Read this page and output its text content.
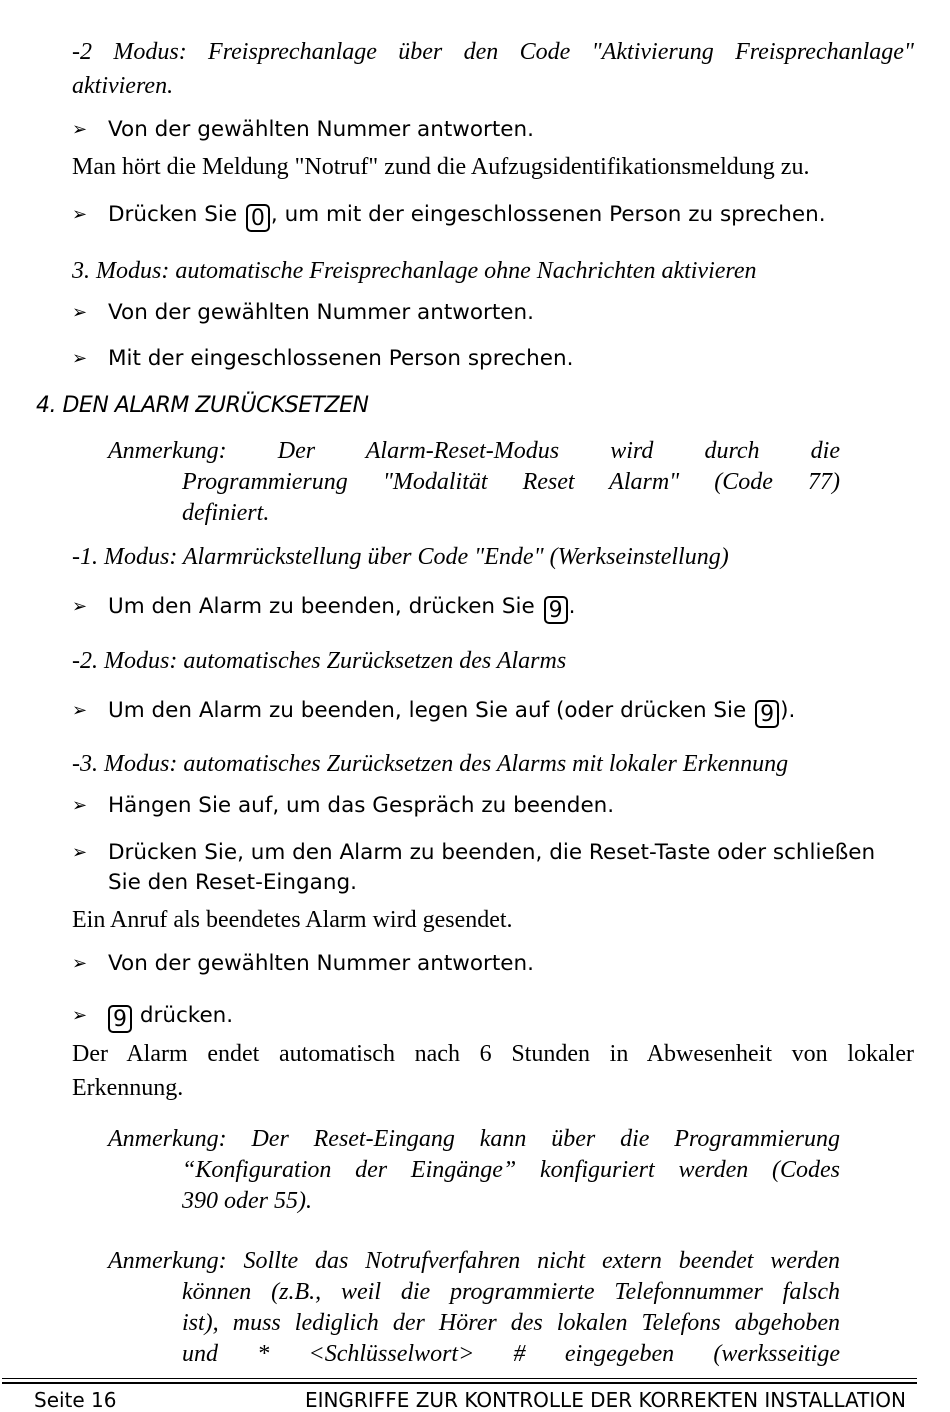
-2 Modus: Freisprechanlage über den Code "Aktivierung Freisprechanlage"
aktivieren.
➢ Von der gewählten Nummer antworten.
Man hört die Meldung "Notruf" zund die Aufzugsidentifikationsmeldung zu.
➢ Drücken Sie 0 , um mit der eingeschlossenen Person zu sprechen.
3. Modus: automatische Freisprechanlage ohne Nachrichten aktivieren
➢ Von der gewählten Nummer antworten.
➢ Mit der eingeschlossenen Person sprechen.
4. DEN ALARM ZURÜCKSETZEN
Anmerkung: Der Alarm-Reset-Modus wird durch die
Programmierung "Modalität Reset Alarm" (Code 77)
definiert.
-1. Modus: Alarmrückstellung über Code "Ende" (Werkseinstellung)
➢ Um den Alarm zu beenden, drücken Sie 9 .
-2. Modus: automatisches Zurücksetzen des Alarms
➢ Um den Alarm zu beenden, legen Sie auf (oder drücken Sie 9 ).
-3. Modus: automatisches Zurücksetzen des Alarms mit lokaler Erkennung
➢ Hängen Sie auf, um das Gespräch zu beenden.
➢ Drücken Sie, um den Alarm zu beenden, die Reset-Taste oder schließen
Sie den Reset-Eingang.
Ein Anruf als beendetes Alarm wird gesendet.
➢ Von der gewählten Nummer antworten.
➢ 9 drücken.
Der Alarm endet automatisch nach 6 Stunden in Abwesenheit von lokaler
Erkennung.
Anmerkung: Der Reset-Eingang kann über die Programmierung
“Konfiguration der Eingänge” konfiguriert werden (Codes
390 oder 55).
Anmerkung: Sollte das Notrufverfahren nicht extern beendet werden
können (z.B., weil die programmierte Telefonnummer falsch
ist), muss lediglich der Hörer des lokalen Telefons abgehoben
und * <Schlüsselwort> # eingegeben (werksseitige
Seite 16	EINGRIFFE ZUR KONTROLLE DER KORREKTEN INSTALLATION
